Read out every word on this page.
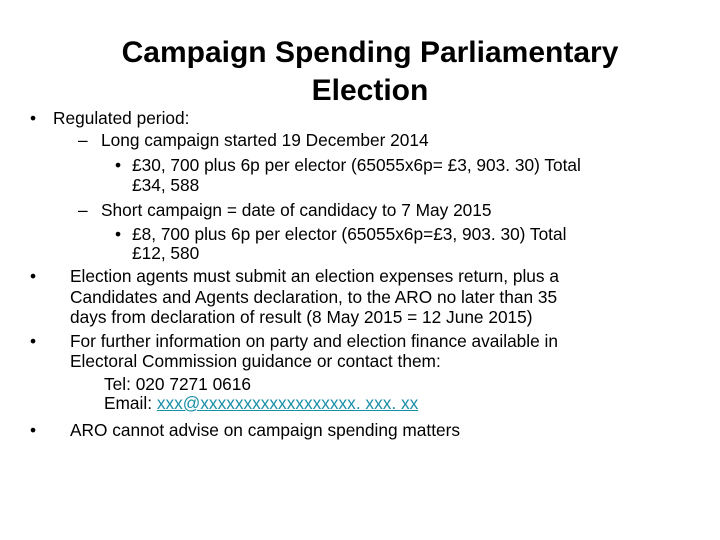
Campaign Spending Parliamentary
Election
• Regulated period:
– Long campaign started 19 December 2014
• £30, 700 plus 6p per elector (65055x6p= £3, 903. 30) Total
£34, 588
– Short campaign = date of candidacy to 7 May 2015
• £8, 700 plus 6p per elector (65055x6p=£3, 903. 30) Total
£12, 580
• Election agents must submit an election expenses return, plus a
Candidates and Agents declaration, to the ARO no later than 35
days from declaration of result (8 May 2015 = 12 June 2015)
• For further information on party and election finance available in
Electoral Commission guidance or contact them:
Tel: 020 7271 0616
Email: xxx@xxxxxxxxxxxxxxxxxx. xxx. xx
• ARO cannot advise on campaign spending matters
